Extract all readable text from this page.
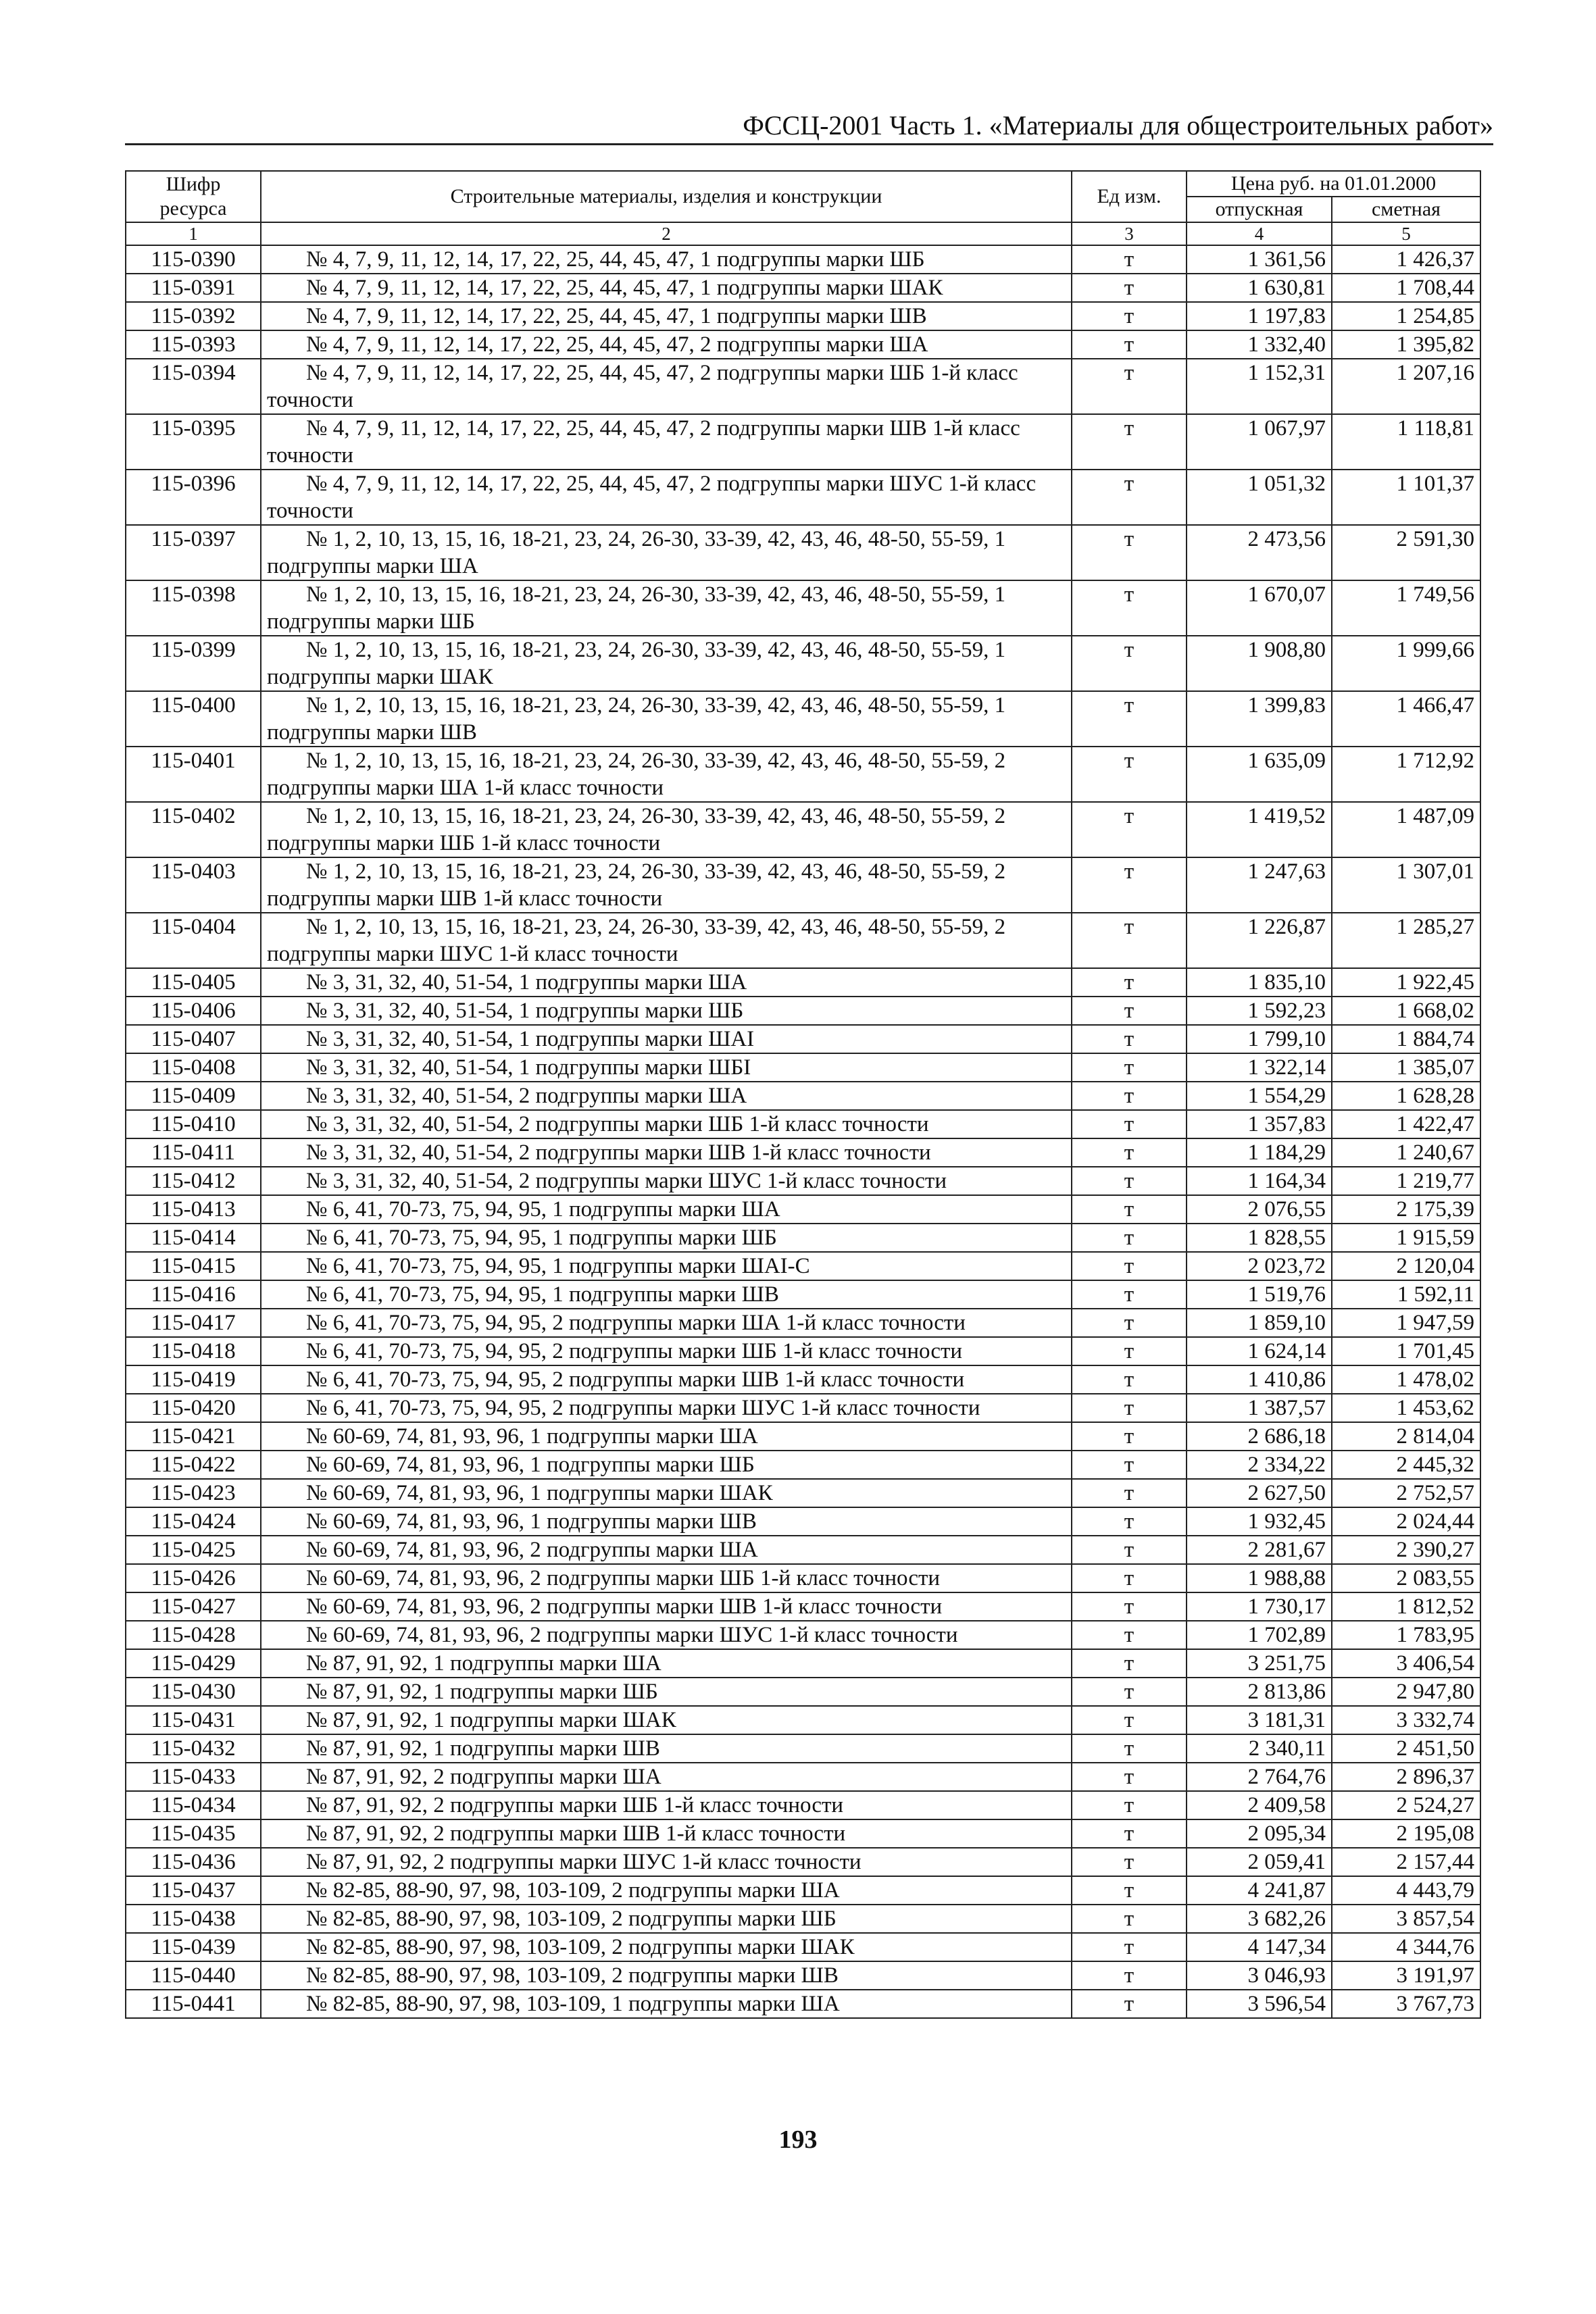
ФССЦ-2001 Часть 1. «Материалы для общестроительных работ»
Шифр ресурса	Строительные материалы, изделия и конструкции	Ед изм.	Цена руб. на 01.01.2000	
			отпускная	сметная
1	2	3	4	5
115-0390	№ 4, 7, 9, 11, 12, 14, 17, 22, 25, 44, 45, 47, 1 подгруппы марки ШБ	т	1 361,56	1 426,37
115-0391	№ 4, 7, 9, 11, 12, 14, 17, 22, 25, 44, 45, 47, 1 подгруппы марки ШАК	т	1 630,81	1 708,44
115-0392	№ 4, 7, 9, 11, 12, 14, 17, 22, 25, 44, 45, 47, 1 подгруппы марки ШВ	т	1 197,83	1 254,85
115-0393	№ 4, 7, 9, 11, 12, 14, 17, 22, 25, 44, 45, 47, 2 подгруппы марки ША	т	1 332,40	1 395,82
115-0394	№ 4, 7, 9, 11, 12, 14, 17, 22, 25, 44, 45, 47, 2 подгруппы марки ШБ 1-й класс точности	т	1 152,31	1 207,16
115-0395	№ 4, 7, 9, 11, 12, 14, 17, 22, 25, 44, 45, 47, 2 подгруппы марки ШВ 1-й класс точности	т	1 067,97	1 118,81
115-0396	№ 4, 7, 9, 11, 12, 14, 17, 22, 25, 44, 45, 47, 2 подгруппы марки ШУС 1-й класс точности	т	1 051,32	1 101,37
115-0397	№ 1, 2, 10, 13, 15, 16, 18-21, 23, 24, 26-30, 33-39, 42, 43, 46, 48-50, 55-59, 1 подгруппы марки ША	т	2 473,56	2 591,30
115-0398	№ 1, 2, 10, 13, 15, 16, 18-21, 23, 24, 26-30, 33-39, 42, 43, 46, 48-50, 55-59, 1 подгруппы марки ШБ	т	1 670,07	1 749,56
115-0399	№ 1, 2, 10, 13, 15, 16, 18-21, 23, 24, 26-30, 33-39, 42, 43, 46, 48-50, 55-59, 1 подгруппы марки ШАК	т	1 908,80	1 999,66
115-0400	№ 1, 2, 10, 13, 15, 16, 18-21, 23, 24, 26-30, 33-39, 42, 43, 46, 48-50, 55-59, 1 подгруппы марки ШВ	т	1 399,83	1 466,47
115-0401	№ 1, 2, 10, 13, 15, 16, 18-21, 23, 24, 26-30, 33-39, 42, 43, 46, 48-50, 55-59, 2 подгруппы марки ША 1-й класс точности	т	1 635,09	1 712,92
115-0402	№ 1, 2, 10, 13, 15, 16, 18-21, 23, 24, 26-30, 33-39, 42, 43, 46, 48-50, 55-59, 2 подгруппы марки ШБ 1-й класс точности	т	1 419,52	1 487,09
115-0403	№ 1, 2, 10, 13, 15, 16, 18-21, 23, 24, 26-30, 33-39, 42, 43, 46, 48-50, 55-59, 2 подгруппы марки ШВ 1-й класс точности	т	1 247,63	1 307,01
115-0404	№ 1, 2, 10, 13, 15, 16, 18-21, 23, 24, 26-30, 33-39, 42, 43, 46, 48-50, 55-59, 2 подгруппы марки ШУС 1-й класс точности	т	1 226,87	1 285,27
115-0405	№ 3, 31, 32, 40, 51-54, 1 подгруппы марки ША	т	1 835,10	1 922,45
115-0406	№ 3, 31, 32, 40, 51-54, 1 подгруппы марки ШБ	т	1 592,23	1 668,02
115-0407	№ 3, 31, 32, 40, 51-54, 1 подгруппы марки ШАI	т	1 799,10	1 884,74
115-0408	№ 3, 31, 32, 40, 51-54, 1 подгруппы марки ШБI	т	1 322,14	1 385,07
115-0409	№ 3, 31, 32, 40, 51-54, 2 подгруппы марки ША	т	1 554,29	1 628,28
115-0410	№ 3, 31, 32, 40, 51-54, 2 подгруппы марки ШБ 1-й класс точности	т	1 357,83	1 422,47
115-0411	№ 3, 31, 32, 40, 51-54, 2 подгруппы марки ШВ 1-й класс точности	т	1 184,29	1 240,67
115-0412	№ 3, 31, 32, 40, 51-54, 2 подгруппы марки ШУС 1-й класс точности	т	1 164,34	1 219,77
115-0413	№ 6, 41, 70-73, 75, 94, 95, 1 подгруппы марки ША	т	2 076,55	2 175,39
115-0414	№ 6, 41, 70-73, 75, 94, 95, 1 подгруппы марки ШБ	т	1 828,55	1 915,59
115-0415	№ 6, 41, 70-73, 75, 94, 95, 1 подгруппы марки ШАI-С	т	2 023,72	2 120,04
115-0416	№ 6, 41, 70-73, 75, 94, 95, 1 подгруппы марки ШВ	т	1 519,76	1 592,11
115-0417	№ 6, 41, 70-73, 75, 94, 95, 2 подгруппы марки ША 1-й класс точности	т	1 859,10	1 947,59
115-0418	№ 6, 41, 70-73, 75, 94, 95, 2 подгруппы марки ШБ 1-й класс точности	т	1 624,14	1 701,45
115-0419	№ 6, 41, 70-73, 75, 94, 95, 2 подгруппы марки ШВ 1-й класс точности	т	1 410,86	1 478,02
115-0420	№ 6, 41, 70-73, 75, 94, 95, 2 подгруппы марки ШУС 1-й класс точности	т	1 387,57	1 453,62
115-0421	№ 60-69, 74, 81, 93, 96, 1 подгруппы марки ША	т	2 686,18	2 814,04
115-0422	№ 60-69, 74, 81, 93, 96, 1 подгруппы марки ШБ	т	2 334,22	2 445,32
115-0423	№ 60-69, 74, 81, 93, 96, 1 подгруппы марки ШАК	т	2 627,50	2 752,57
115-0424	№ 60-69, 74, 81, 93, 96, 1 подгруппы марки ШВ	т	1 932,45	2 024,44
115-0425	№ 60-69, 74, 81, 93, 96, 2 подгруппы марки ША	т	2 281,67	2 390,27
115-0426	№ 60-69, 74, 81, 93, 96, 2 подгруппы марки ШБ 1-й класс точности	т	1 988,88	2 083,55
115-0427	№ 60-69, 74, 81, 93, 96, 2 подгруппы марки ШВ 1-й класс точности	т	1 730,17	1 812,52
115-0428	№ 60-69, 74, 81, 93, 96, 2 подгруппы марки ШУС 1-й класс точности	т	1 702,89	1 783,95
115-0429	№ 87, 91, 92, 1 подгруппы марки ША	т	3 251,75	3 406,54
115-0430	№ 87, 91, 92, 1 подгруппы марки ШБ	т	2 813,86	2 947,80
115-0431	№ 87, 91, 92, 1 подгруппы марки ШАК	т	3 181,31	3 332,74
115-0432	№ 87, 91, 92, 1 подгруппы марки ШВ	т	2 340,11	2 451,50
115-0433	№ 87, 91, 92, 2 подгруппы марки ША	т	2 764,76	2 896,37
115-0434	№ 87, 91, 92, 2 подгруппы марки ШБ 1-й класс точности	т	2 409,58	2 524,27
115-0435	№ 87, 91, 92, 2 подгруппы марки ШВ 1-й класс точности	т	2 095,34	2 195,08
115-0436	№ 87, 91, 92, 2 подгруппы марки ШУС 1-й класс точности	т	2 059,41	2 157,44
115-0437	№ 82-85, 88-90, 97, 98, 103-109, 2 подгруппы марки ША	т	4 241,87	4 443,79
115-0438	№ 82-85, 88-90, 97, 98, 103-109, 2 подгруппы марки ШБ	т	3 682,26	3 857,54
115-0439	№ 82-85, 88-90, 97, 98, 103-109, 2 подгруппы марки ШАК	т	4 147,34	4 344,76
115-0440	№ 82-85, 88-90, 97, 98, 103-109, 2 подгруппы марки ШВ	т	3 046,93	3 191,97
115-0441	№ 82-85, 88-90, 97, 98, 103-109, 1 подгруппы марки ША	т	3 596,54	3 767,73
193
